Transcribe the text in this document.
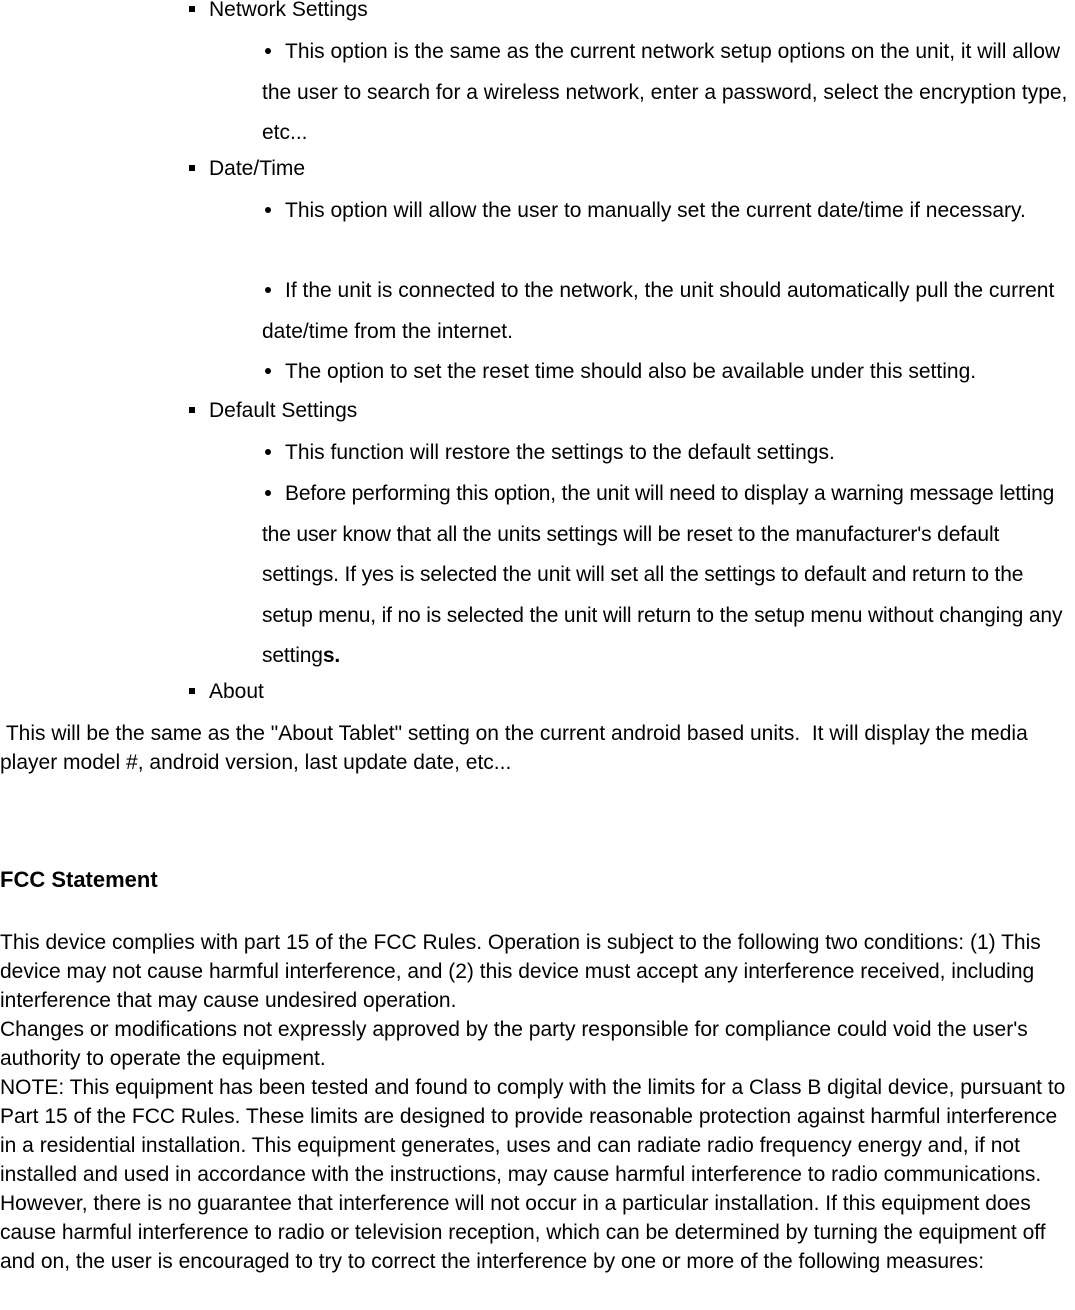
Network Settings
This option is the same as the current network setup options on the unit, it will allow the user to search for a wireless network, enter a password, select the encryption type, etc...
Date/Time
This option will allow the user to manually set the current date/time if necessary.
If the unit is connected to the network, the unit should automatically pull the current date/time from the internet.
The option to set the reset time should also be available under this setting.
Default Settings
This function will restore the settings to the default settings.
Before performing this option, the unit will need to display a warning message letting the user know that all the units settings will be reset to the manufacturer's default settings. If yes is selected the unit will set all the settings to default and return to the setup menu, if no is selected the unit will return to the setup menu without changing any settings.
About
This will be the same as the "About Tablet" setting on the current android based units.  It will display the media player model #, android version, last update date, etc...
FCC Statement
This device complies with part 15 of the FCC Rules. Operation is subject to the following two conditions: (1) This device may not cause harmful interference, and (2) this device must accept any interference received, including interference that may cause undesired operation.
Changes or modifications not expressly approved by the party responsible for compliance could void the user's authority to operate the equipment.
NOTE: This equipment has been tested and found to comply with the limits for a Class B digital device, pursuant to Part 15 of the FCC Rules. These limits are designed to provide reasonable protection against harmful interference in a residential installation. This equipment generates, uses and can radiate radio frequency energy and, if not installed and used in accordance with the instructions, may cause harmful interference to radio communications. However, there is no guarantee that interference will not occur in a particular installation. If this equipment does cause harmful interference to radio or television reception, which can be determined by turning the equipment off and on, the user is encouraged to try to correct the interference by one or more of the following measures:
